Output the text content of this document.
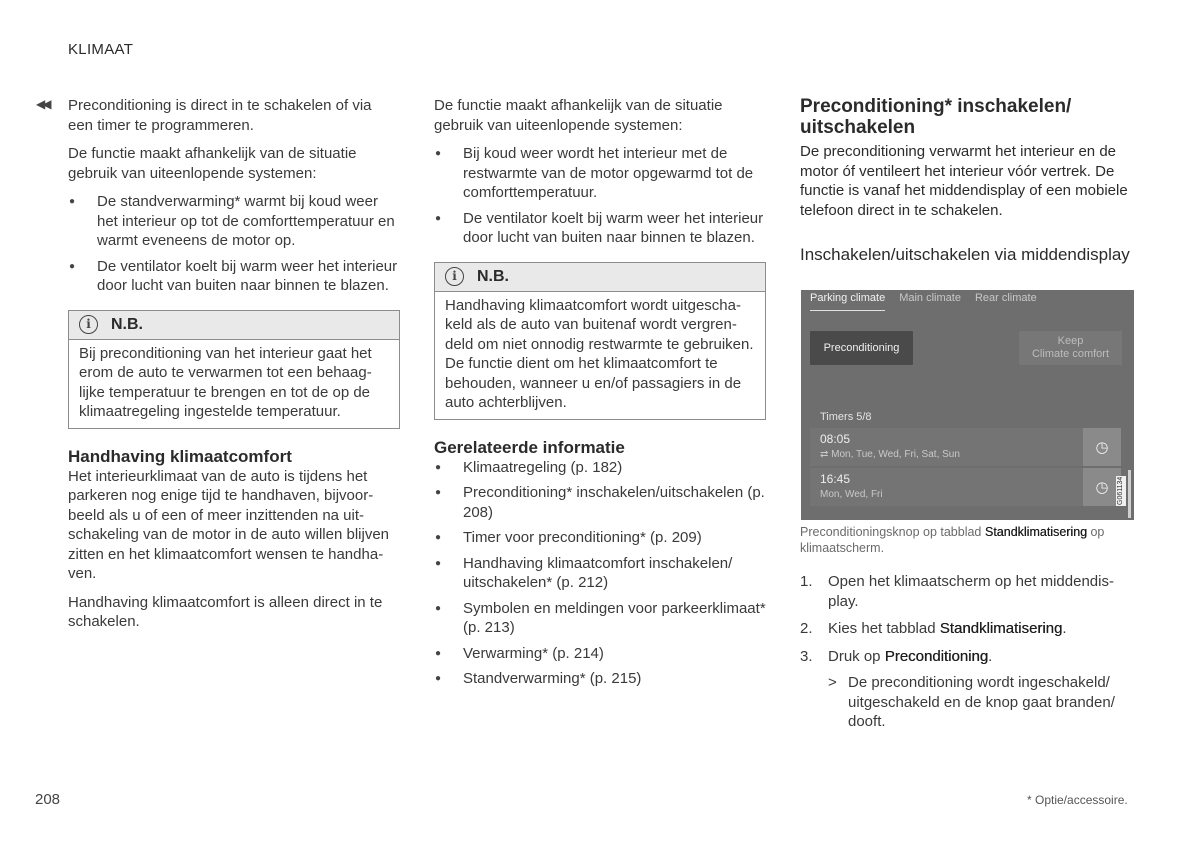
KLIMAAT
◀◀ Preconditioning is direct in te schakelen of via een timer te programmeren.

De functie maakt afhankelijk van de situatie gebruik van uiteenlopende systemen:

● De standverwarming* warmt bij koud weer het interieur op tot de comforttemperatuur en warmt eveneens de motor op.
● De ventilator koelt bij warm weer het interieur door lucht van buiten naar binnen te blazen.
i	N.B.
Bij preconditioning van het interieur gaat het erom de auto te verwarmen tot een behaaglijke temperatuur te brengen en tot de op de klimaatregeling ingestelde temperatuur.
Handhaving klimaatcomfort

Het interieurklimaat van de auto is tijdens het parkeren nog enige tijd te handhaven, bijvoorbeeld als u of een of meer inzittenden na uitschakeling van de motor in de auto willen blijven zitten en het klimaatcomfort wensen te handhaven.

Handhaving klimaatcomfort is alleen direct in te schakelen.

De functie maakt afhankelijk van de situatie gebruik van uiteenlopende systemen:

● Bij koud weer wordt het interieur met de restwarmte van de motor opgewarmd tot de comforttemperatuur.
● De ventilator koelt bij warm weer het interieur door lucht van buiten naar binnen te blazen.
i	N.B.
Handhaving klimaatcomfort wordt uitgeschakeld als de auto van buitenaf wordt vergrendeld om niet onnodig restwarmte te gebruiken. De functie dient om het klimaatcomfort te behouden, wanneer u en/of passagiers in de auto achterblijven.
Gerelateerde informatie
● Klimaatregeling (p. 182)
● Preconditioning* inschakelen/uitschakelen (p. 208)
● Timer voor preconditioning* (p. 209)
● Handhaving klimaatcomfort inschakelen/ uitschakelen* (p. 212)
● Symbolen en meldingen voor parkeerklimaat* (p. 213)
● Verwarming* (p. 214)
● Standverwarming* (p. 215)
Preconditioning* inschakelen/ uitschakelen

De preconditioning verwarmt het interieur en de motor óf ventileert het interieur vóór vertrek. De functie is vanaf het middendisplay of een mobiele telefoon direct in te schakelen.

Inschakelen/uitschakelen via middendisplay
Parking climate Main climate Rear climate
Preconditioning
Keep
Climate comfort
Timers 5/8
08:05
⇄ Mon, Tue, Wed, Fri, Sat, Sun	◷
16:45
Mon, Wed, Fri	◷	G061134

Preconditioningsknop op tabblad Standklimatisering op klimaatscherm.

1. Open het klimaatscherm op het middendisplay.
2. Kies het tabblad Standklimatisering.
3. Druk op Preconditioning.
> De preconditioning wordt ingeschakeld/ uitgeschakeld en de knop gaat branden/ dooft.
208	* Optie/accessoire.
